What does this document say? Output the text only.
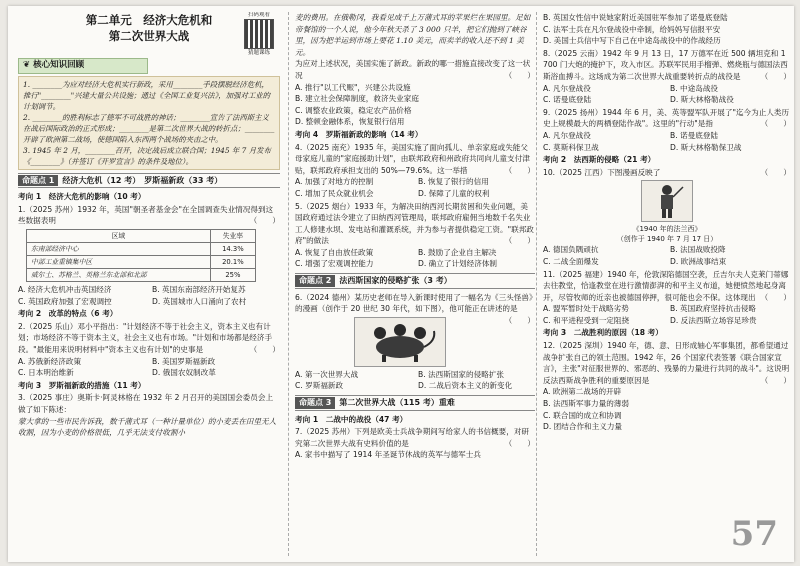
第二单元　经济大危机和
第二次世界大战
扫码观看
猜题课练
❦ 核心知识回顾
1. ________为应对经济大危机实行新政，采用________手段摆脱经济危机，推行"________"兴建大量公共设施；通过《全国工业复兴法》，加强对工业的计划调节。
2. ________的胜利标志了德军不可战胜的神话；________宣告了法西斯主义在战后国际政治的正式形成；________是第二次世界大战的转折点；________开辟了欧洲第二战场，使德国陷入东西两个战场的夹击之中。
3. 1945 年 2 月，________召开，决定战后成立联合国；1945 年 7 月发布《________》（并签订《开罗宣言》的条件及地位）。
命题点 1	经济大危机（12 考）　罗斯福新政（33 考）
考向 1　经济大危机的影响（10 考）
1.（2025 苏州）1932 年，英国"朝圣者基金会"在全国调查失业情况得到这些数据表明	（　　）
区域	失业率
东南部经济中心	14.3%
中部工业重镇集中区	20.1%
威尔士、苏格兰、英格兰东北部和北部	25%
A. 经济大危机冲击英国经济	B. 英国东南部经济开始复苏
C. 英国政府加强了宏观调控	D. 英国城市人口涌向了农村
考向 2　改革的特点（6 考）
2.（2025 乐山）邓小平指出："计划经济不等于社会主义，资本主义也有计划；市场经济不等于资本主义，社会主义也有市场。"计划和市场都是经济手段。"最能用来说明材料中"资本主义也有计划"的史事是	（　　）
A. 苏俄新经济政策	B. 美国罗斯福新政
C. 日本明治维新	D. 俄国农奴制改革
考向 3　罗斯福新政的措施（11 考）
3.（2025 事庄）奥斯卡·阿灵林格在 1932 年 2 月召开的美国国会委员会上做了如下陈述：
蒙大拿的一些市民告诉我，数千蒲式耳（一种计量单位）的小麦丢在田里无人收割，因为小麦的价格很低，几乎无法支付收割小
麦的费用。在俄勒冈，我看见成千上万蒲式耳的苹果烂在果园里。足如帝餐馆的一个人说，他今年秋天杀了 3 000 只羊，把它们抛到了峡谷里，因为把羊运到市场上要花 1.10 美元，而卖羊的收入还不到 1 美元。
为应对上述状况，美国实施了新政。新政的哪一措施直接改变了这一状况	（　　）
A. 推行"以工代赈"，兴建公共设施
B. 建立社会保障制度，救济失业家庭
C. 调整农业政策，稳定农产品价格
D. 整顿金融体系，恢复银行信用
考向 4　罗斯福新政的影响（14 考）
4.（2025 南充）1935 年，美国实施了面向孤儿、单亲家庭或失能父母家庭儿童的"家庭援助计划"，由联邦政府和州政府共同向儿童支付津贴，联邦政府承担支出的 50%—79.6%。这一举措	（　　）
A. 加强了对地方的控制	B. 恢复了银行的信用
C. 增加了民众就业机会	D. 保障了儿童的权利
5.（2025 烟台）1933 年，为解决田纳西河长期贫困和失业问题，美国政府通过法令建立了田纳西河管理局，联邦政府雇佣当地数千名失业工人修建水坝、发电站和灌溉系统，并为参与者提供稳定工资。"联邦政府"的做法	（　　）
A. 恢复了自由放任政策	B. 鼓励了企业自主解决
C. 增强了宏观调控能力	D. 确立了计划经济体制
命题点 2	法西斯国家的侵略扩张（3 考）
6.（2024 德州）某历史老师在导入新课时使用了一幅名为《三头怪兽》的漫画（创作于 20 世纪 30 年代，如下图），他可能正在讲述的是
（　　）
A. 第一次世界大战	B. 法西斯国家的侵略扩张
C. 罗斯福新政	D. 二战后资本主义的新变化
命题点 3	第二次世界大战（115 考）重难
考向 1　二战中的战役（47 考）
7.（2025 苏州）下列是欧美士兵战争期间写给家人的书信概要，对研究第二次世界大战有史料价值的是	（　　）
A. 家书中描写了 1914 年圣诞节休战的英军与德军士兵
B. 英国女性信中说她家附近美国驻军参加了诺曼底登陆
C. 法军士兵在凡尔登战役中牵制，给妈妈写信报平安
D. 美国士兵信中写下自己在中途岛战役中的作战经历
8.（2025 云南）1942 年 9 月 13 日，17 万德军在近 500 辆坦克和 1 700 门大炮的掩护下，攻入市区。苏联军民用手榴弹、燃烧瓶与德国法西斯浴血搏斗。这场成为第二次世界大战重要转折点的战役是	（　　）
A. 凡尔登战役	B. 中途岛战役
C. 诺曼底登陆	D. 斯大林格勒战役
9.（2025 扬州）1944 年 6 月，美、英等盟军队开展了"迄今为止人类历史上规模最大的两栖登陆作战"。这里的"行动"是指	（　　）
A. 凡尔登战役	B. 诺曼底登陆
C. 莫斯科保卫战	D. 斯大林格勒保卫战
考向 2　法西斯的侵略（21 考）
10.（2025 江西）下图漫画反映了	（　　）
《1940 年的法兰西》
（创作于 1940 年 7 月 17 日）
A. 德国负隅顽抗	B. 法国战败投降
C. 二战全面爆发	D. 欧洲战事结束
11.（2025 福建）1940 年，伦敦深陷德国空袭，丘吉尔夫人克莱门蒂娜去往教堂，恰逢教堂在进行激情澎湃的和平主义布道，她便愤然地起身离开，尽管牧师的近亲也被德国停押，很可能也会不保。这体现出 （　　）
A. 盟军暂时处于战略劣势	B. 英国政府坚持抗击侵略
C. 和平进程受到一定阻挠	D. 反法西斯立场容足珍贵
考向 3　二战胜利的原因（18 考）
12.（2025 深圳）1940 年，德、意、日形成轴心军事集团，都希望通过战争扩张自己的领土范围。1942 年，26 个国家代表签署《联合国家宣言》，主张"对征服世界的、邪恶的、残暴的力量进行共同的战斗"。这说明反法西斯战争胜利的重要原因是	（　　）
A. 欧洲第二战场的开辟
B. 法西斯军事力量的薄弱
C. 联合国的成立和协调
D. 团结合作和主义力量
57
